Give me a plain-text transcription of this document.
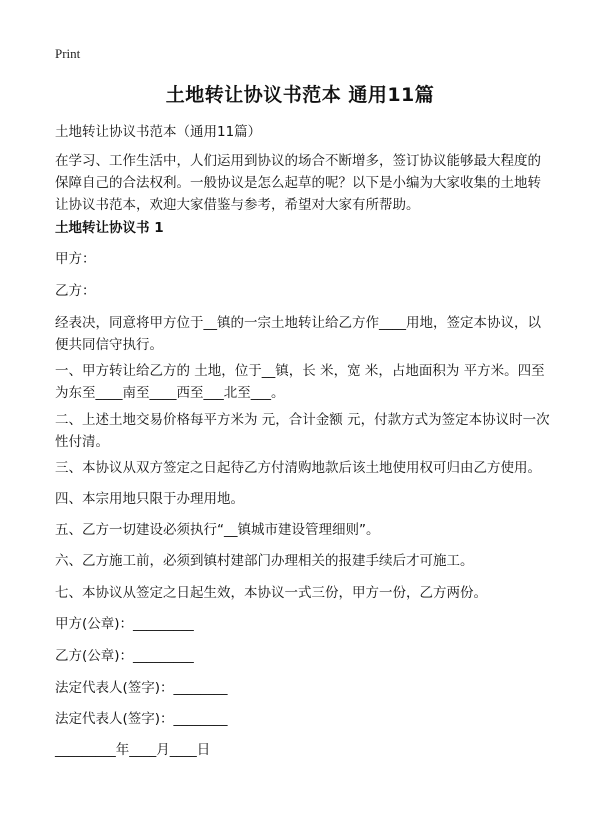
Print
土地转让协议书范本 通用11篇

土地转让协议书范本（通用11篇）

在学习、工作生活中，人们运用到协议的场合不断增多，签订协议能够最大程度的保障自己的合法权利。一般协议是怎么起草的呢？以下是小编为大家收集的土地转让协议书范本，欢迎大家借鉴与参考，希望对大家有所帮助。

土地转让协议书 1

甲方：

乙方：

经表决，同意将甲方位于__镇的一宗土地转让给乙方作____用地，签定本协议，以便共同信守执行。

一、甲方转让给乙方的 土地，位于__镇，长 米，宽 米，占地面积为 平方米。四至为东至____南至____西至___北至___。

二、上述土地交易价格每平方米为 元，合计金额 元，付款方式为签定本协议时一次性付清。

三、本协议从双方签定之日起待乙方付清购地款后该土地使用权可归由乙方使用。

四、本宗用地只限于办理用地。

五、乙方一切建设必须执行“__镇城市建设管理细则”。

六、乙方施工前，必须到镇村建部门办理相关的报建手续后才可施工。

七、本协议从签定之日起生效，本协议一式三份，甲方一份，乙方两份。

甲方(公章)：_________

乙方(公章)：_________

法定代表人(签字)：________

法定代表人(签字)：________

_________年____月____日
